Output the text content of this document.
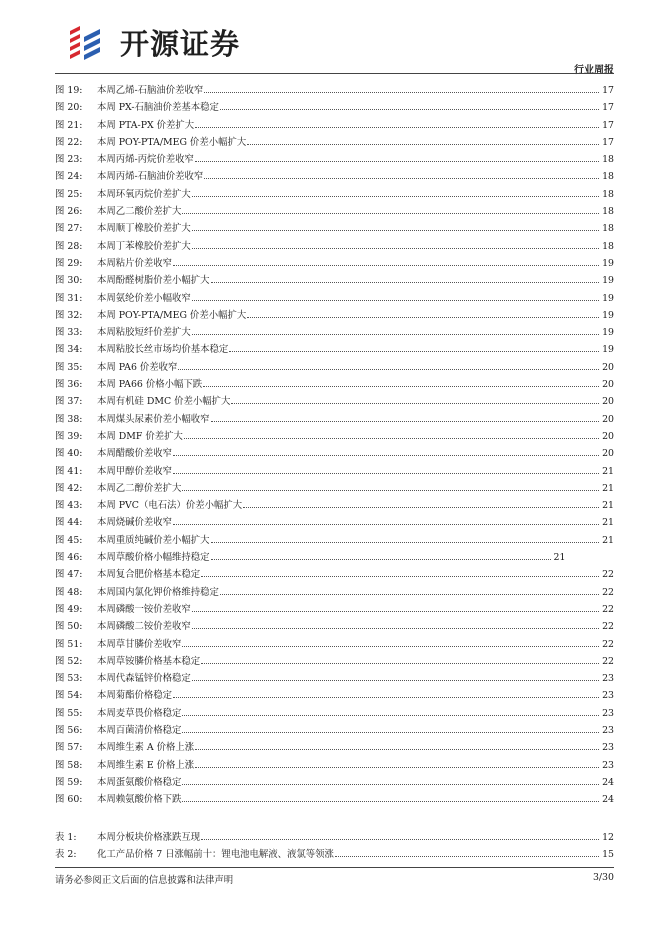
开源证券
行业周报
图 19:	本周乙烯-石脑油价差收窄	17
图 20:	本周 PX-石脑油价差基本稳定	17
图 21:	本周 PTA-PX 价差扩大	17
图 22:	本周 POY-PTA/MEG 价差小幅扩大	17
图 23:	本周丙烯-丙烷价差收窄	18
图 24:	本周丙烯-石脑油价差收窄	18
图 25:	本周环氧丙烷价差扩大	18
图 26:	本周乙二酸价差扩大	18
图 27:	本周顺丁橡胶价差扩大	18
图 28:	本周丁苯橡胶价差扩大	18
图 29:	本周粘片价差收窄	19
图 30:	本周酚醛树脂价差小幅扩大	19
图 31:	本周氨纶价差小幅收窄	19
图 32:	本周 POY-PTA/MEG 价差小幅扩大	19
图 33:	本周粘胶短纤价差扩大	19
图 34:	本周粘胶长丝市场均价基本稳定	19
图 35:	本周 PA6 价差收窄	20
图 36:	本周 PA66 价格小幅下跌	20
图 37:	本周有机硅 DMC 价差小幅扩大	20
图 38:	本周煤头尿素价差小幅收窄	20
图 39:	本周 DMF 价差扩大	20
图 40:	本周醋酸价差收窄	20
图 41:	本周甲醇价差收窄	21
图 42:	本周乙二醇价差扩大	21
图 43:	本周 PVC（电石法）价差小幅扩大	21
图 44:	本周烧碱价差收窄	21
图 45:	本周重质纯碱价差小幅扩大	21
图 46:	本周草酸价格小幅维持稳定	21
图 47:	本周复合肥价格基本稳定	22
图 48:	本周国内氯化钾价格维持稳定	22
图 49:	本周磷酸一铵价差收窄	22
图 50:	本周磷酸二铵价差收窄	22
图 51:	本周草甘膦价差收窄	22
图 52:	本周草铵膦价格基本稳定	22
图 53:	本周代森锰锌价格稳定	23
图 54:	本周菊酯价格稳定	23
图 55:	本周麦草畏价格稳定	23
图 56:	本周百菌清价格稳定	23
图 57:	本周维生素 A 价格上涨	23
图 58:	本周维生素 E 价格上涨	23
图 59:	本周蛋氨酸价格稳定	24
图 60:	本周赖氨酸价格下跌	24
表 1:	本周分板块价格涨跌互现	12
表 2:	化工产品价格 7 日涨幅前十：锂电池电解液、液氯等领涨	15
请务必参阅正文后面的信息披露和法律声明	3/30
